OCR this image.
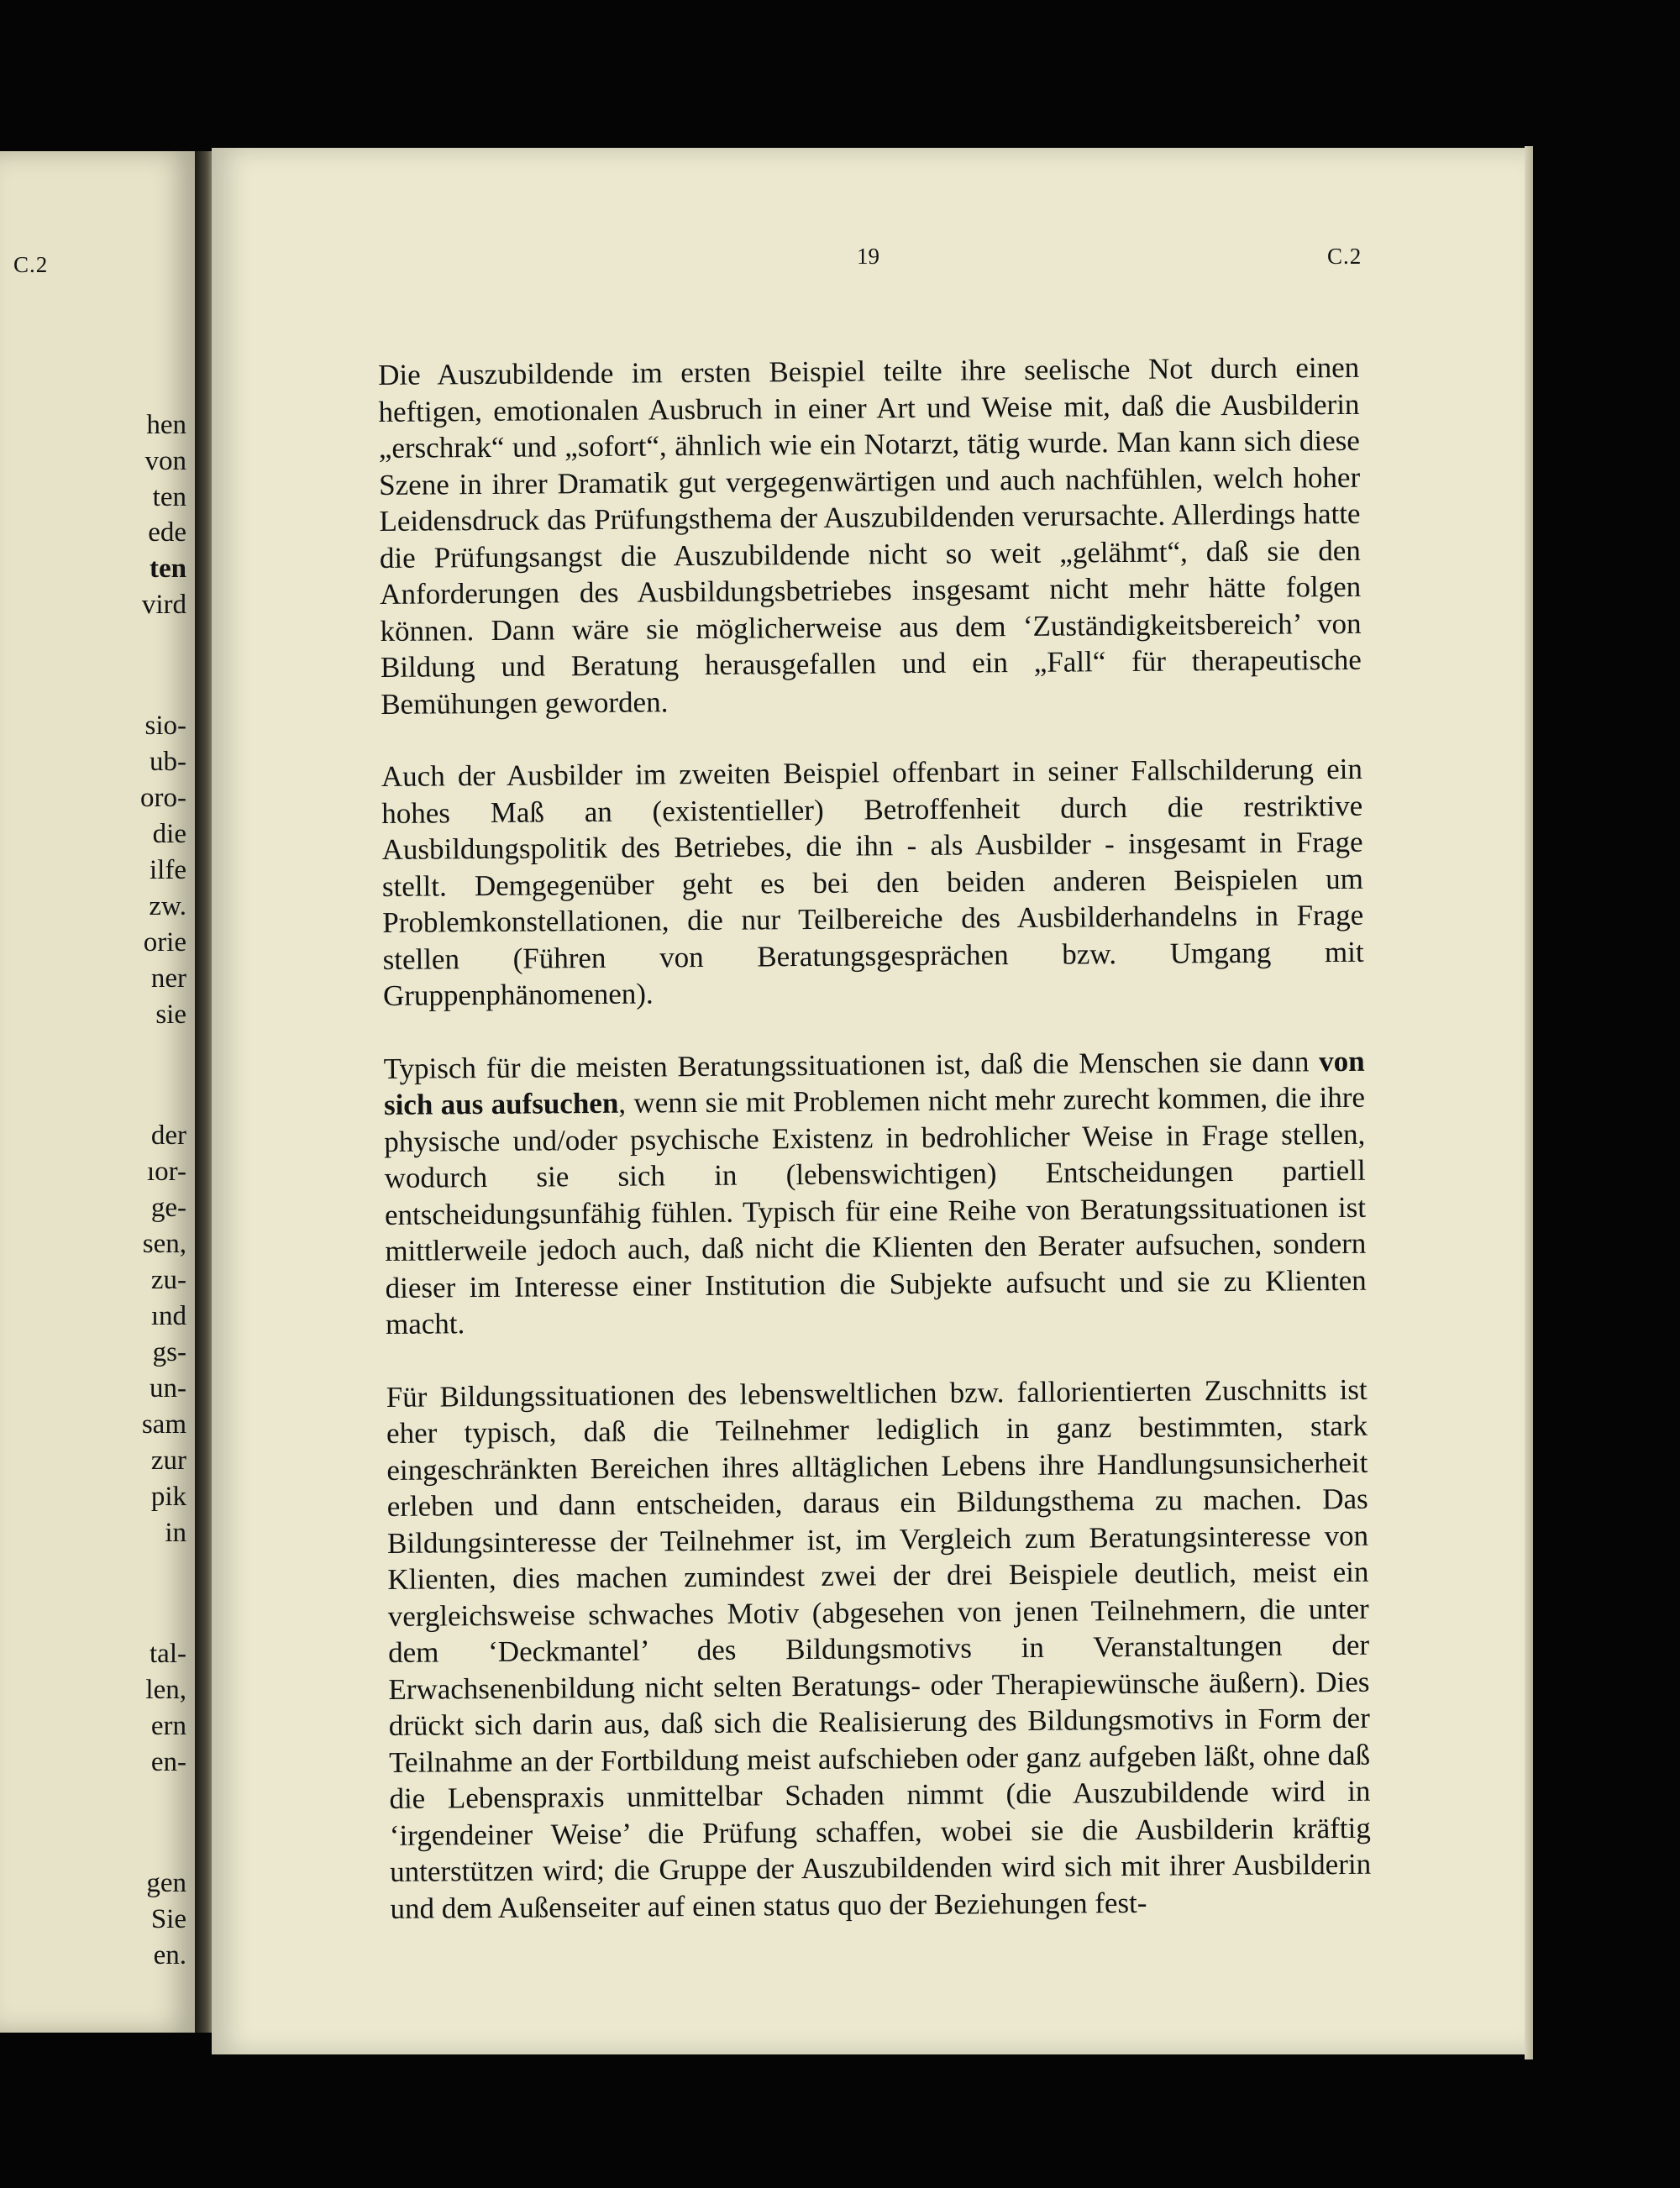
C.2
hen
von
ten
ede
ten
vird
sio-
ub-
oro-
die
ilfe
zw.
orie
ner
sie
der
ıor-
ge-
sen,
zu-
ınd
gs-
un-
sam
zur
pik
in
tal-
len,
ern
en-
gen
Sie
en.
19	C.2

Die Auszubildende im ersten Beispiel teilte ihre seelische Not durch einen heftigen, emotionalen Ausbruch in einer Art und Weise mit, daß die Ausbilderin „erschrak“ und „sofort“, ähnlich wie ein Notarzt, tätig wurde. Man kann sich diese Szene in ihrer Dramatik gut vergegenwärtigen und auch nachfühlen, welch hoher Leidensdruck das Prüfungsthema der Auszubildenden verursachte. Allerdings hatte die Prüfungsangst die Auszubildende nicht so weit „gelähmt“, daß sie den Anforderungen des Ausbildungsbetriebes insgesamt nicht mehr hätte folgen können. Dann wäre sie möglicherweise aus dem ‘Zuständigkeitsbereich’ von Bildung und Beratung herausgefallen und ein „Fall“ für therapeutische Bemühungen geworden.

Auch der Ausbilder im zweiten Beispiel offenbart in seiner Fallschilderung ein hohes Maß an (existentieller) Betroffenheit durch die restriktive Ausbildungspolitik des Betriebes, die ihn - als Ausbilder - insgesamt in Frage stellt. Demgegenüber geht es bei den beiden anderen Beispielen um Problemkonstellationen, die nur Teilbereiche des Ausbilderhandelns in Frage stellen (Führen von Beratungsgesprächen bzw. Umgang mit Gruppenphänomenen).

Typisch für die meisten Beratungssituationen ist, daß die Menschen sie dann von sich aus aufsuchen, wenn sie mit Problemen nicht mehr zurecht kommen, die ihre physische und/oder psychische Existenz in bedrohlicher Weise in Frage stellen, wodurch sie sich in (lebenswichtigen) Entscheidungen partiell entscheidungsunfähig fühlen. Typisch für eine Reihe von Beratungssituationen ist mittlerweile jedoch auch, daß nicht die Klienten den Berater aufsuchen, sondern dieser im Interesse einer Institution die Subjekte aufsucht und sie zu Klienten macht.

Für Bildungssituationen des lebensweltlichen bzw. fallorientierten Zuschnitts ist eher typisch, daß die Teilnehmer lediglich in ganz bestimmten, stark eingeschränkten Bereichen ihres alltäglichen Lebens ihre Handlungsunsicherheit erleben und dann entscheiden, daraus ein Bildungsthema zu machen. Das Bildungsinteresse der Teilnehmer ist, im Vergleich zum Beratungsinteresse von Klienten, dies machen zumindest zwei der drei Beispiele deutlich, meist ein vergleichsweise schwaches Motiv (abgesehen von jenen Teilnehmern, die unter dem ‘Deckmantel’ des Bildungsmotivs in Veranstaltungen der Erwachsenenbildung nicht selten Beratungs- oder Therapiewünsche äußern). Dies drückt sich darin aus, daß sich die Realisierung des Bildungsmotivs in Form der Teilnahme an der Fortbildung meist aufschieben oder ganz aufgeben läßt, ohne daß die Lebenspraxis unmittelbar Schaden nimmt (die Auszubildende wird in ‘irgendeiner Weise’ die Prüfung schaffen, wobei sie die Ausbilderin kräftig unterstützen wird; die Gruppe der Auszubildenden wird sich mit ihrer Ausbilderin und dem Außenseiter auf einen status quo der Beziehungen fest-
